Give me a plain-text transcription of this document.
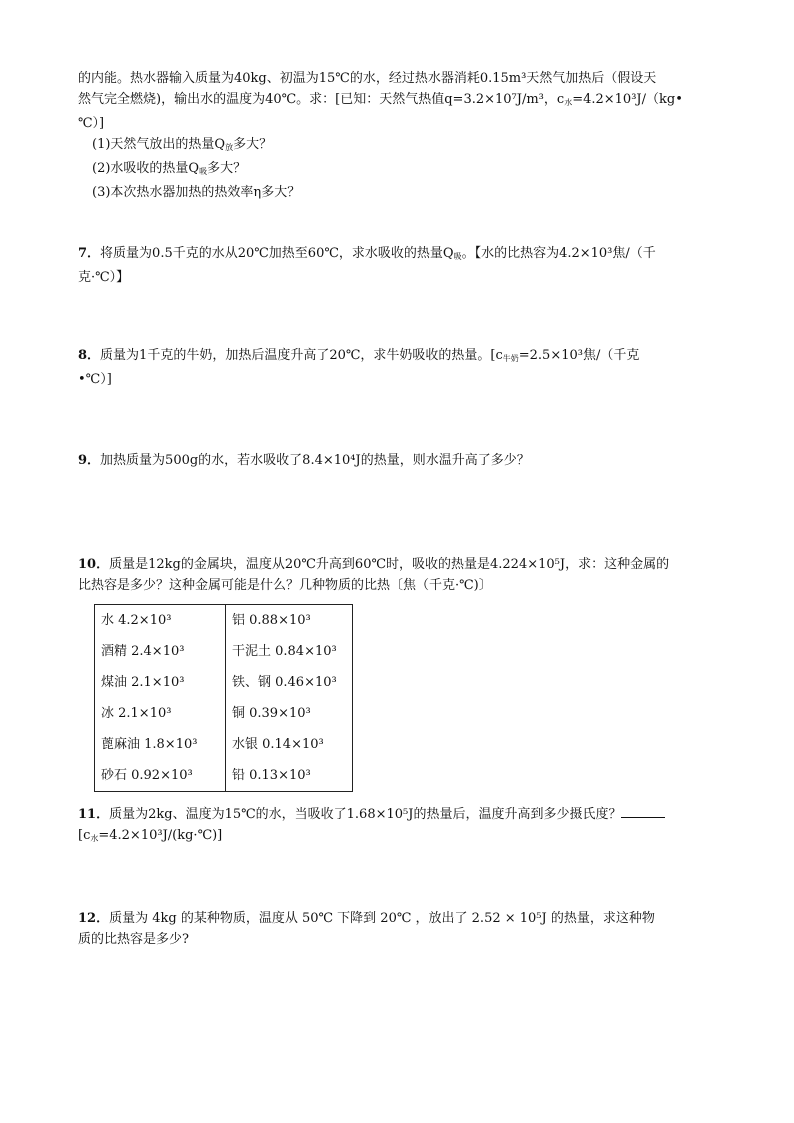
的内能。热水器输入质量为40kg、初温为15℃的水，经过热水器消耗0.15m³天然气加热后（假设天

然气完全燃烧)，输出水的温度为40℃。求：[已知：天然气热值q=3.2×10⁷J/m³，$c_水=4.2\times 10^3J/(kg•$

℃）]

(1)天然气放出的热量$Q_放$多大？

(2)水吸收的热量$Q_吸$多大？

(3)本次热水器加热的热效率η多大？

7．将质量为0.5千克的水从20℃加热至60℃，求水吸收的热量$Q_吸$。【水的比热容为4.2×10³焦/（千

克·℃）】

8．质量为1千克的牛奶，加热后温度升高了20℃，求牛奶吸收的热量。[$c_{牛奶}=2.5\times 10^3$焦/（千克

•℃）]

9．加热质量为500g的水，若水吸收了8.4×10⁴J的热量，则水温升高了多少？

10．质量是12kg的金属块，温度从20℃升高到60℃时，吸收的热量是4.224×10⁵J，求：这种金属的

比热容是多少？这种金属可能是什么？几种物质的比热〔焦（千克·℃)〕

水 4.2×10³	铝 0.88×10³
酒精 2.4×10³	干泥土 0.84×10³
煤油 2.1×10³	铁、钢 0.46×10³
冰 2.1×10³	铜 0.39×10³
蓖麻油 1.8×10³	水银 0.14×10³
砂石 0.92×10³	铅 0.13×10³

11．质量为2kg、温度为15℃的水，当吸收了1.68×10⁵J的热量后，温度升高到多少摄氏度？

$[c_水=4.2\times 10^3J/(kg\cdot℃)]$

12．质量为 4kg 的某种物质，温度从 50℃ 下降到 20℃ ，放出了 2.52 × 10⁵J 的热量，求这种物

质的比热容是多少?
